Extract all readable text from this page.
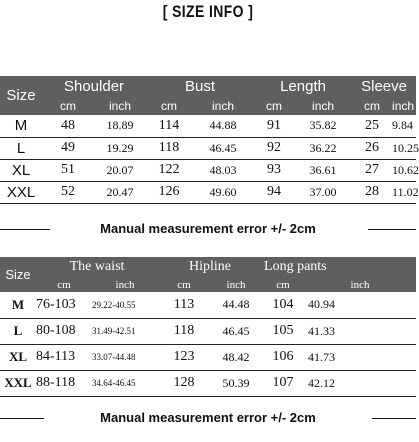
[ SIZE INFO ]
Size	Shoulder		Bust		Length		Sleeve	
	cm	inch	cm	inch	cm	inch	cm	inch
M	48	18.89	114	44.88	91	35.82	25	9.84
L	49	19.29	118	46.45	92	36.22	26	10.25
XL	51	20.07	122	48.03	93	36.61	27	10.62
XXL	52	20.47	126	49.60	94	37.00	28	11.02
Manual measurement error +/- 2cm
Size	The waist		Hipline		Long pants	
	cm	inch	cm	inch	cm	inch
M	76-103	29.22-40.55	113	44.48	104	40.94
L	80-108	31.49-42.51	118	46.45	105	41.33
XL	84-113	33.07-44.48	123	48.42	106	41.73
XXL	88-118	34.64-46.45	128	50.39	107	42.12
Manual measurement error +/- 2cm
